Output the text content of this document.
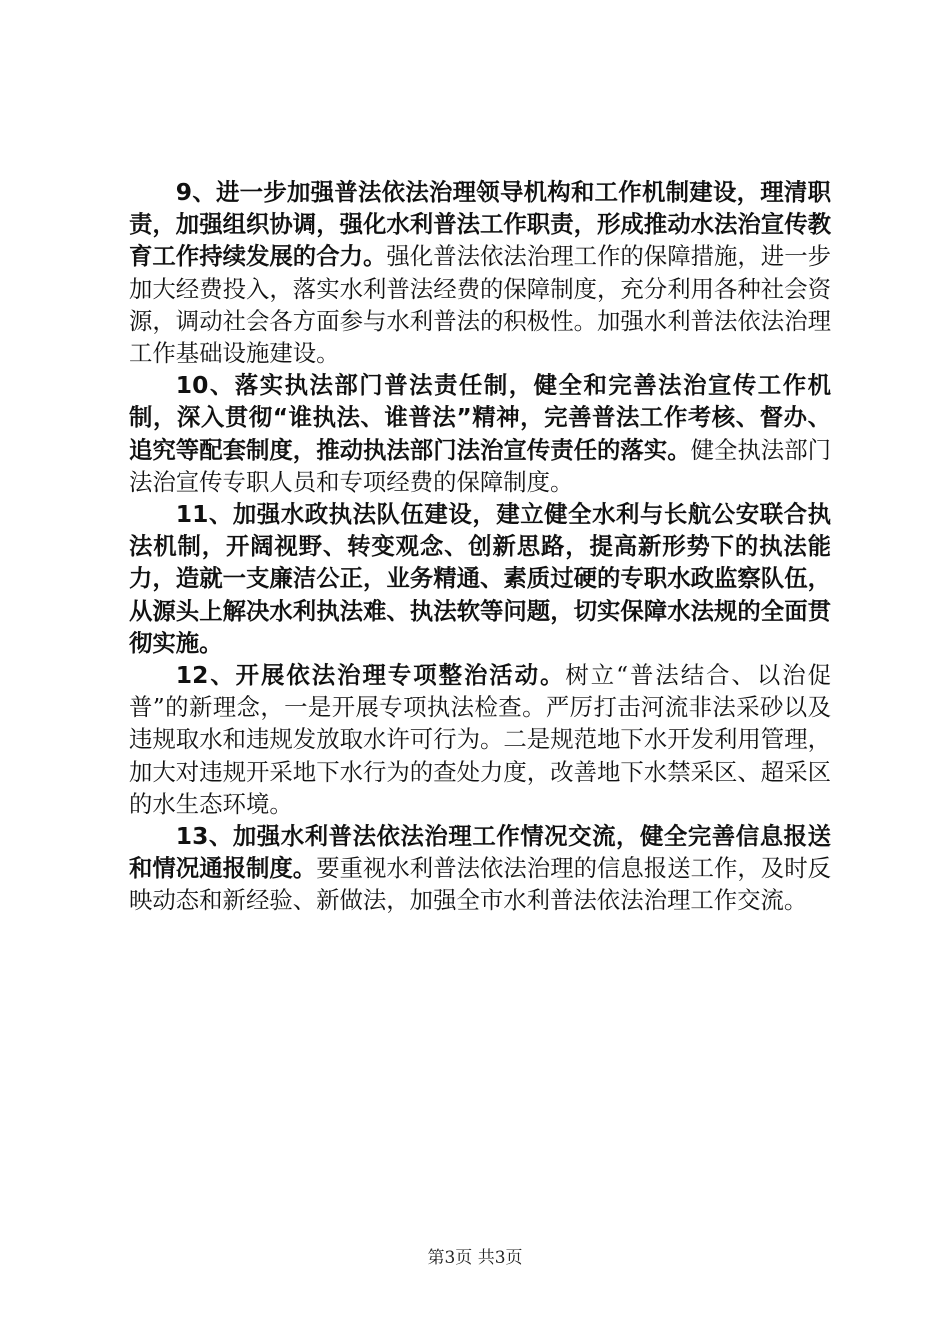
9、进一步加强普法依法治理领导机构和工作机制建设，理清职责，加强组织协调，强化水利普法工作职责，形成推动水法治宣传教育工作持续发展的合力。强化普法依法治理工作的保障措施，进一步加大经费投入，落实水利普法经费的保障制度，充分利用各种社会资源，调动社会各方面参与水利普法的积极性。加强水利普法依法治理工作基础设施建设。

10、落实执法部门普法责任制，健全和完善法治宣传工作机制，深入贯彻“谁执法、谁普法”精神，完善普法工作考核、督办、追究等配套制度，推动执法部门法治宣传责任的落实。健全执法部门法治宣传专职人员和专项经费的保障制度。

11、加强水政执法队伍建设，建立健全水利与长航公安联合执法机制，开阔视野、转变观念、创新思路，提高新形势下的执法能力，造就一支廉洁公正，业务精通、素质过硬的专职水政监察队伍，从源头上解决水利执法难、执法软等问题，切实保障水法规的全面贯彻实施。

12、开展依法治理专项整治活动。树立“普法结合、以治促普”的新理念，一是开展专项执法检查。严厉打击河流非法采砂以及违规取水和违规发放取水许可行为。二是规范地下水开发利用管理，加大对违规开采地下水行为的查处力度，改善地下水禁采区、超采区的水生态环境。

13、加强水利普法依法治理工作情况交流，健全完善信息报送和情况通报制度。要重视水利普法依法治理的信息报送工作，及时反映动态和新经验、新做法，加强全市水利普法依法治理工作交流。

第3页 共3页
